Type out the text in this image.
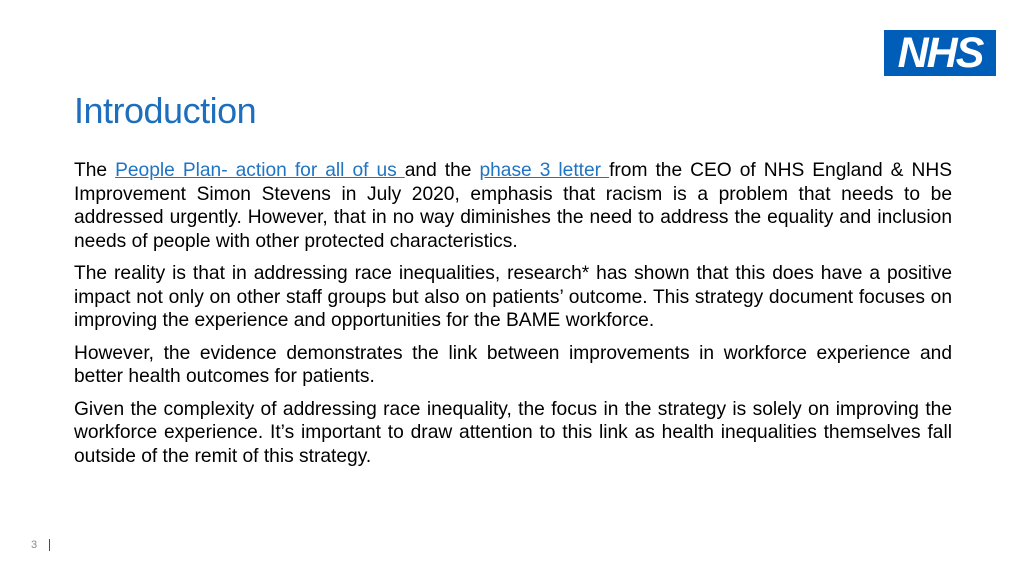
NHS
Introduction

The People Plan- action for all of us and the phase 3 letter from the CEO of NHS England & NHS Improvement Simon Stevens in July 2020, emphasis that racism is a problem that needs to be addressed urgently. However, that in no way diminishes the need to address the equality and inclusion needs of people with other protected characteristics.

The reality is that in addressing race inequalities, research* has shown that this does have a positive impact not only on other staff groups but also on patients’ outcome. This strategy document focuses on improving the experience and opportunities for the BAME workforce.

However, the evidence demonstrates the link between improvements in workforce experience and better health outcomes for patients.

Given the complexity of addressing race inequality, the focus in the strategy is solely on improving the workforce experience. It’s important to draw attention to this link as health inequalities themselves fall outside of the remit of this strategy.

3
